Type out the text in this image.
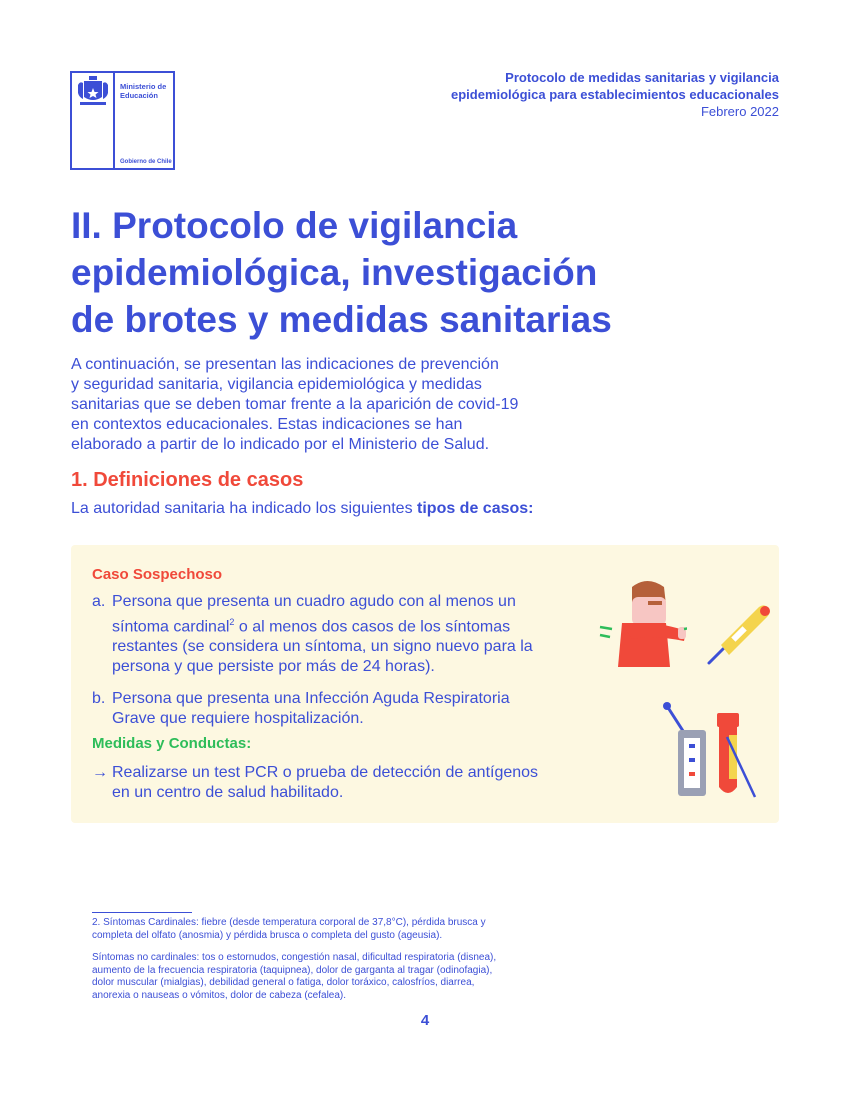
Ministerio de
Educación
Gobierno de Chile
Protocolo de medidas sanitarias y vigilancia
epidemiológica para establecimientos educacionales
Febrero 2022
II. Protocolo de vigilancia
epidemiológica, investigación
de brotes y medidas sanitarias
A continuación, se presentan las indicaciones de prevención
y seguridad sanitaria, vigilancia epidemiológica y medidas
sanitarias que se deben tomar frente a la aparición de covid-19
en contextos educacionales. Estas indicaciones se han
elaborado a partir de lo indicado por el Ministerio de Salud.
1. Definiciones de casos

La autoridad sanitaria ha indicado los siguientes tipos de casos:

Caso Sospechoso
a. Persona que presenta un cuadro agudo con al menos un
síntoma cardinal$^2$ o al menos dos casos de los síntomas
restantes (se considera un síntoma, un signo nuevo para la
persona y que persiste por más de 24 horas).
b. Persona que presenta una Infección Aguda Respiratoria
Grave que requiere hospitalización.
Medidas y Conductas:
→ Realizarse un test PCR o prueba de detección de antígenos
en un centro de salud habilitado.
2. Síntomas Cardinales: fiebre (desde temperatura corporal de 37,8°C), pérdida brusca y
completa del olfato (anosmia) y pérdida brusca o completa del gusto (ageusia).
Síntomas no cardinales: tos o estornudos, congestión nasal, dificultad respiratoria (disnea),
aumento de la frecuencia respiratoria (taquipnea), dolor de garganta al tragar (odinofagia),
dolor muscular (mialgias), debilidad general o fatiga, dolor toráxico, calosfríos, diarrea,
anorexia o nauseas o vómitos, dolor de cabeza (cefalea).
4
